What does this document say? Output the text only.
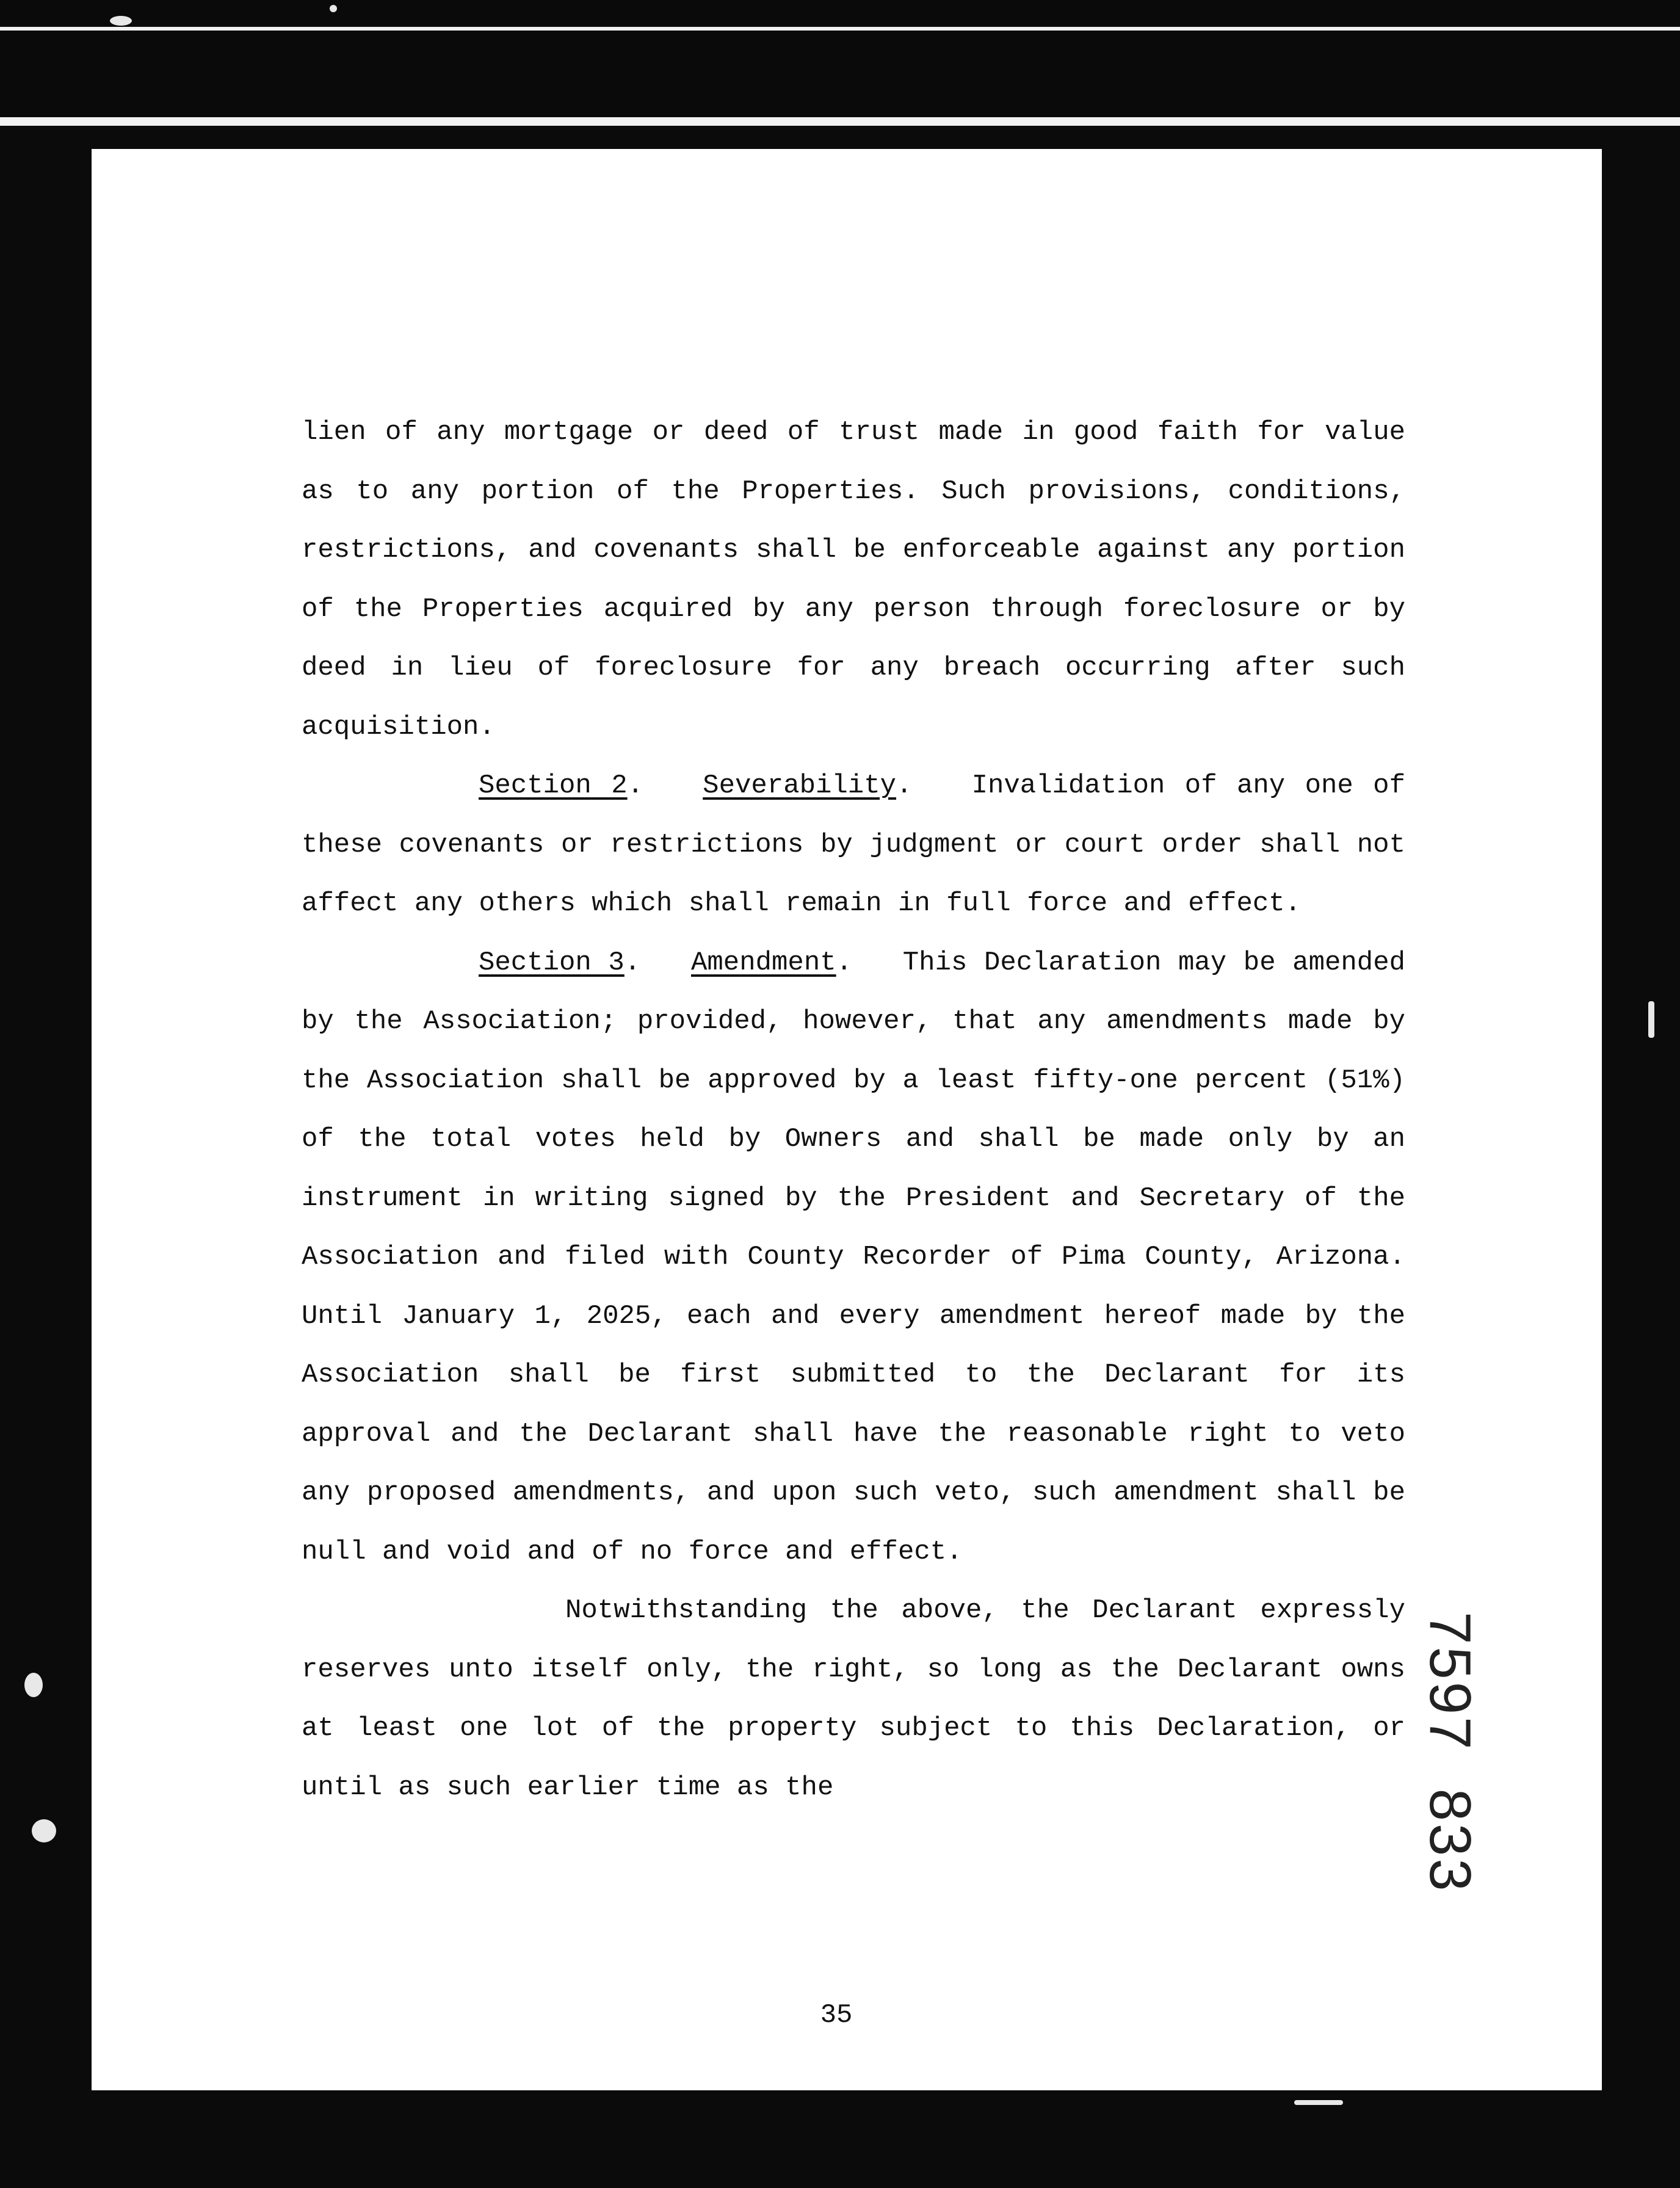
lien of any mortgage or deed of trust made in good faith for value as to any portion of the Properties. Such provisions, conditions, restrictions, and covenants shall be enforceable against any portion of the Properties acquired by any person through foreclosure or by deed in lieu of foreclosure for any breach occurring after such acquisition.

Section 2.   Severability.   Invalidation of any one of these covenants or restrictions by judgment or court order shall not affect any others which shall remain in full force and effect.

Section 3.   Amendment.   This Declaration may be amended by the Association; provided, however, that any amendments made by the Association shall be approved by a least fifty-one percent (51%) of the total votes held by Owners and shall be made only by an instrument in writing signed by the President and Secretary of the Association and filed with County Recorder of Pima County, Arizona. Until January 1, 2025, each and every amendment hereof made by the Association shall be first submitted to the Declarant for its approval and the Declarant shall have the reasonable right to veto any proposed amendments, and upon such veto, such amendment shall be null and void and of no force and effect.

Notwithstanding the above, the Declarant expressly reserves unto itself only, the right, so long as the Declarant owns at least one lot of the property subject to this Declaration, or until as such earlier time as the

35
7597833
